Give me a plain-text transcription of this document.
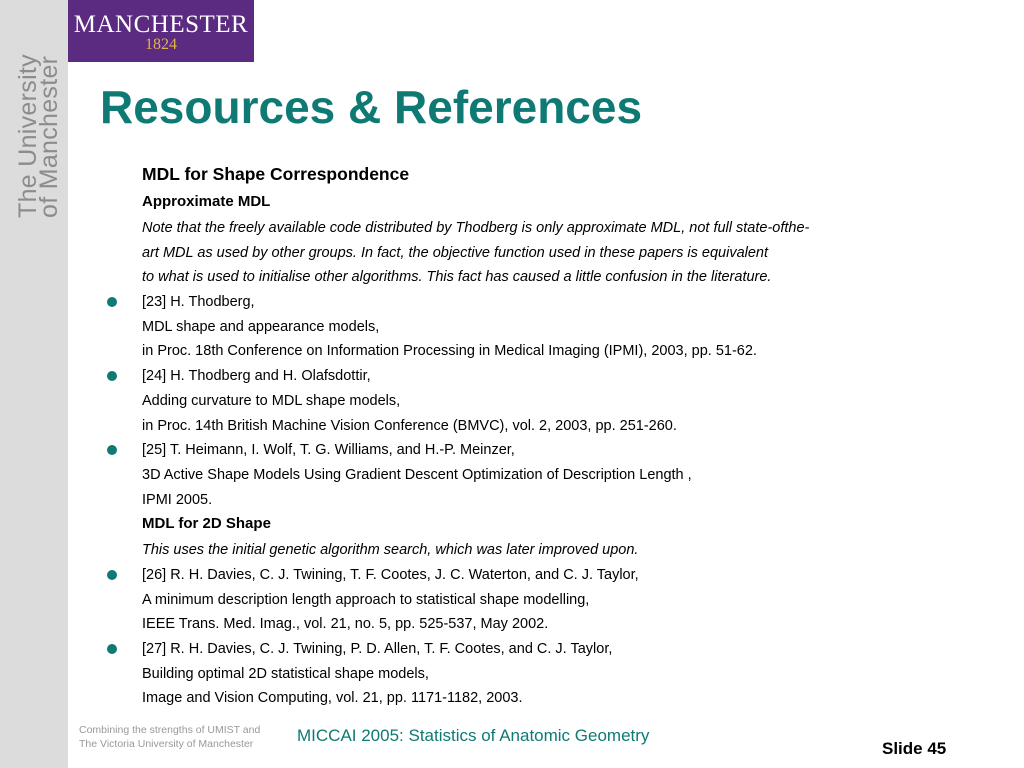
The University
of Manchester
MANCHESTER
1824
Resources & References
MDL for Shape Correspondence
Approximate MDL
Note that the freely available code distributed by Thodberg is only approximate MDL, not full state-ofthe-
art MDL as used by other groups. In fact, the objective function used in these papers is equivalent
to what is used to initialise other algorithms. This fact has caused a little confusion in the literature.
[23] H. Thodberg,
MDL shape and appearance models,
in Proc. 18th Conference on Information Processing in Medical Imaging (IPMI), 2003, pp. 51-62.
[24] H. Thodberg and H. Olafsdottir,
Adding curvature to MDL shape models,
in Proc. 14th British Machine Vision Conference (BMVC), vol. 2, 2003, pp. 251-260.
[25] T. Heimann, I. Wolf, T. G. Williams, and H.-P. Meinzer,
3D Active Shape Models Using Gradient Descent Optimization of Description Length ,
IPMI 2005.
MDL for 2D Shape
This uses the initial genetic algorithm search, which was later improved upon.
[26] R. H. Davies, C. J. Twining, T. F. Cootes, J. C. Waterton, and C. J. Taylor,
A minimum description length approach to statistical shape modelling,
IEEE Trans. Med. Imag., vol. 21, no. 5, pp. 525-537, May 2002.
[27] R. H. Davies, C. J. Twining, P. D. Allen, T. F. Cootes, and C. J. Taylor,
Building optimal 2D statistical shape models,
Image and Vision Computing, vol. 21, pp. 1171-1182, 2003.
Combining the strengths of UMIST and
The Victoria University of Manchester	MICCAI 2005: Statistics of Anatomic Geometry
Slide 45
